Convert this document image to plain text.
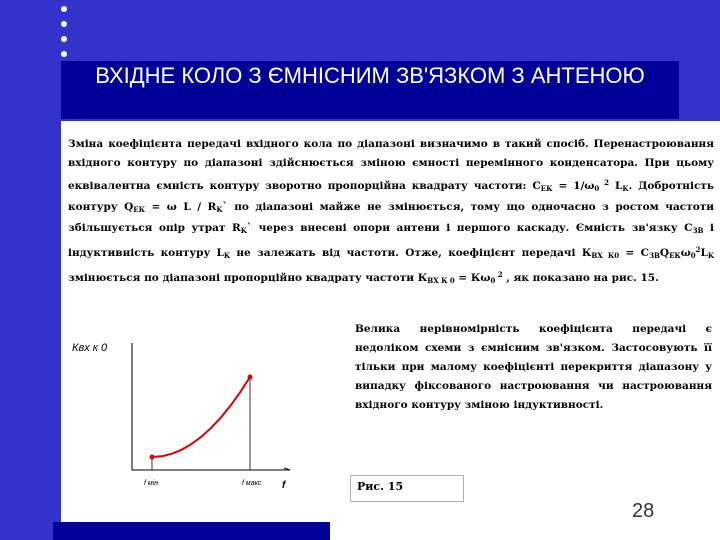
ВХІДНЕ КОЛО З ЄМНІСНИМ ЗВ'ЯЗКОМ З АНТЕНОЮ
Зміна коефіцієнта передачі вхідного кола по діапазоні визначимо в такий спосіб. Перенастроювання вхідного контуру по діапазоні здійснюється зміною ємності перемінного конденсатора. При цьому еквівалентна ємність контуру зворотно пропорційна квадрату частоти: $С_{ЕК} = 1/\omega_0$ $^2$ $L_K$. Добротність контуру $Q_{ЕК} = \omega$ L / $R_K`$ по діапазоні майже не змінюється, тому що одночасно з ростом частоти збільшується опір утрат $R_K`$ через внесені опори антени і першого каскаду. Ємність зв'язку $С_{ЗВ}$ і індуктивність контуру $L_K$ не залежать від частоти. Отже, коефіцієнт передачі $К_{ВХ К0} = С_{ЗВ}Q_{ЕК}\omega_0^2L_K$ змінюється по діапазоні пропорційно квадрату частоти $К_{ВХ К 0} = К\omega_0$ $^2$ , як показано на рис. 15.
Квх к 0
f
f мін	f макс
Велика нерівномірність коефіцієнта передачі є недоліком схеми з ємнісним зв'язком. Застосовують її тільки при малому коефіцієнті перекриття діапазону у випадку фіксованого настроювання чи настроювання вхідного контуру зміною індуктивності.
Рис. 15
28
